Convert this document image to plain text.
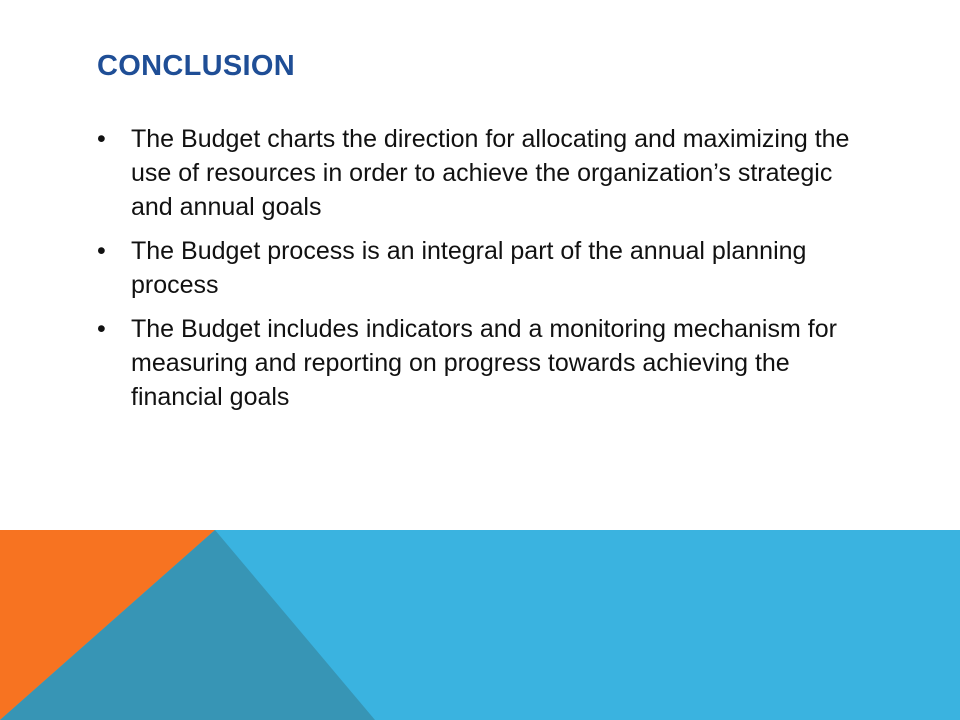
CONCLUSION
•	The Budget charts the direction for allocating and maximizing the use of resources in order to achieve the organization’s strategic and annual goals
•	The Budget process is an integral part of the annual planning process
•	The Budget includes indicators and a monitoring mechanism for measuring and reporting on progress towards achieving the financial goals
